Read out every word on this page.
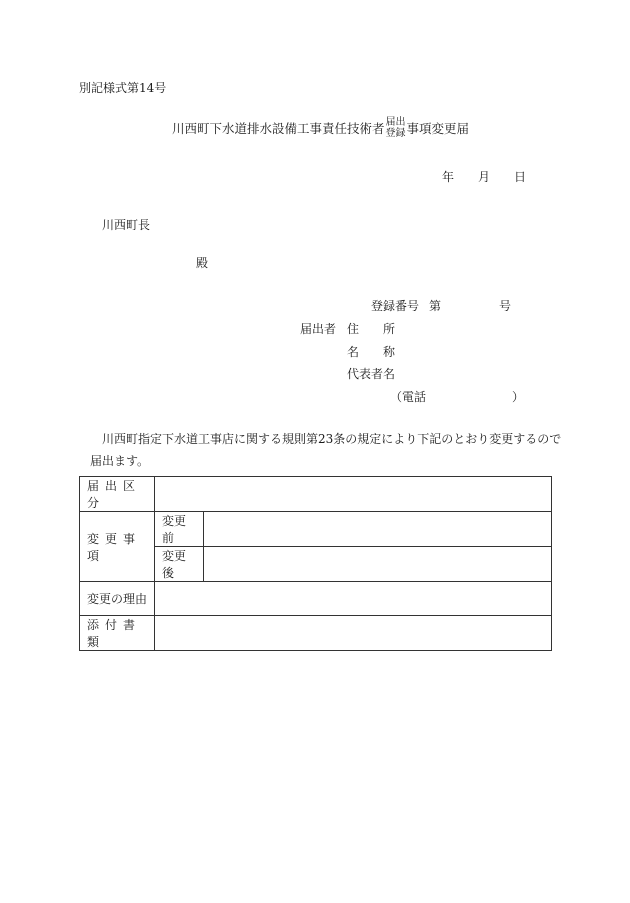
別記様式第14号
川西町下水道排水設備工事責任技術者 届出
登録 事項変更届
年 月 日
川西町長
殿
登録番号 第	号
届出者 住　　所
名　　称
代表者名
（電話	）
川西町指定下水道工事店に関する規則第23条の規定により下記のとおり変更するので
届出ます。
届出区分		
変更事項	変更前	
	変更後	
変更の理由		
添付書類		
